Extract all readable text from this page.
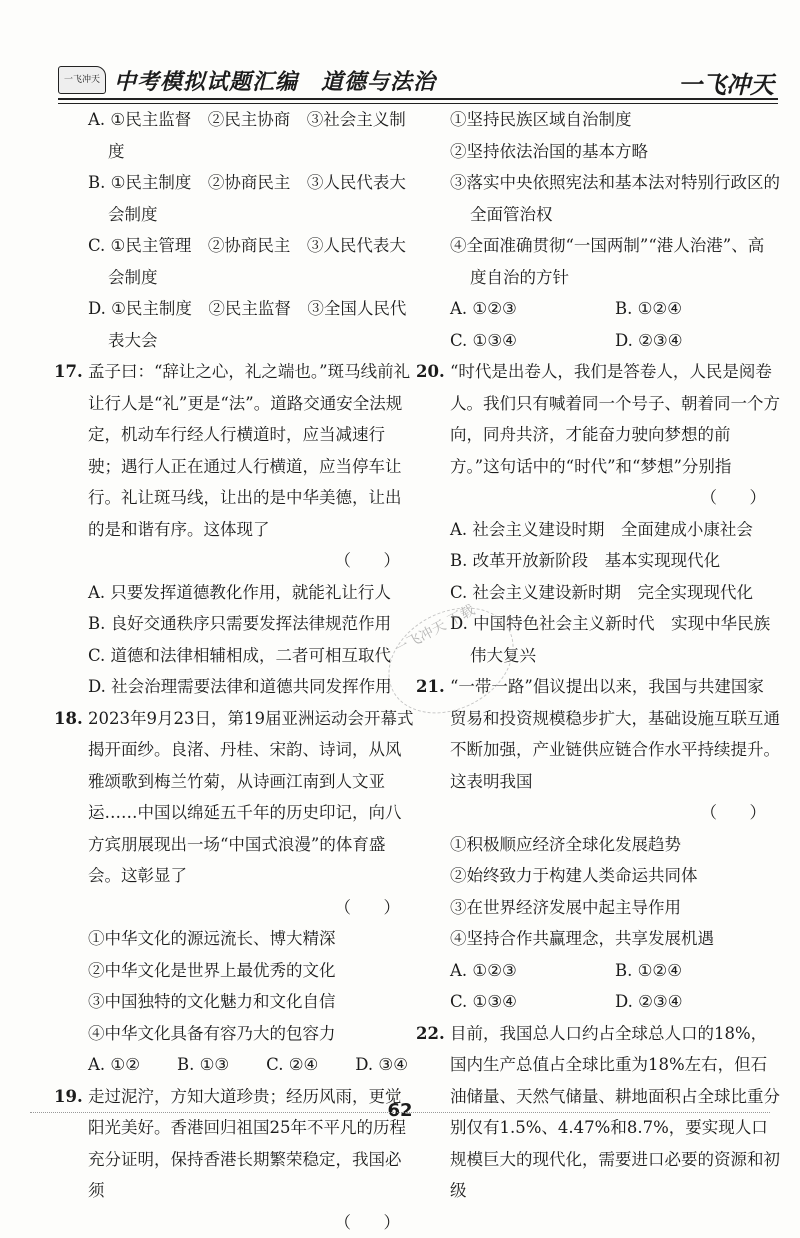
一飞冲天 中考模拟试题汇编　道德与法治	一飞冲天
A. ①民主监督　②民主协商　③社会主义制度
B. ①民主制度　②协商民主　③人民代表大会制度
C. ①民主管理　②协商民主　③人民代表大会制度
D. ①民主制度　②民主监督　③全国人民代表大会
17. 孟子曰：“辞让之心，礼之端也。”斑马线前礼让行人是“礼”更是“法”。道路交通安全法规定，机动车行经人行横道时，应当减速行驶；遇行人正在通过人行横道，应当停车让行。礼让斑马线，让出的是中华美德，让出的是和谐有序。这体现了
（　）
A. 只要发挥道德教化作用，就能礼让行人
B. 良好交通秩序只需要发挥法律规范作用
C. 道德和法律相辅相成，二者可相互取代
D. 社会治理需要法律和道德共同发挥作用
18. 2023年9月23日，第19届亚洲运动会开幕式揭开面纱。良渚、丹桂、宋韵、诗词，从风雅颂歌到梅兰竹菊，从诗画江南到人文亚运……中国以绵延五千年的历史印记，向八方宾朋展现出一场“中国式浪漫”的体育盛会。这彰显了
（　）
①中华文化的源远流长、博大精深
②中华文化是世界上最优秀的文化
③中国独特的文化魅力和文化自信
④中华文化具备有容乃大的包容力
A. ①② B. ①③ C. ②④ D. ③④
19. 走过泥泞，方知大道珍贵；经历风雨，更觉阳光美好。香港回归祖国25年不平凡的历程充分证明，保持香港长期繁荣稳定，我国必须
（　）
①坚持民族区域自治制度
②坚持依法治国的基本方略
③落实中央依照宪法和基本法对特别行政区的全面管治权
④全面准确贯彻“一国两制”“港人治港”、高度自治的方针
A. ①②③	B. ①②④
C. ①③④	D. ②③④
20. “时代是出卷人，我们是答卷人，人民是阅卷人。我们只有喊着同一个号子、朝着同一个方向，同舟共济，才能奋力驶向梦想的前方。”这句话中的“时代”和“梦想”分别指
（　）
A. 社会主义建设时期　全面建成小康社会
B. 改革开放新阶段　基本实现现代化
C. 社会主义建设新时期　完全实现现代化
D. 中国特色社会主义新时代　实现中华民族伟大复兴
21. “一带一路”倡议提出以来，我国与共建国家贸易和投资规模稳步扩大，基础设施互联互通不断加强，产业链供应链合作水平持续提升。这表明我国
（　）
①积极顺应经济全球化发展趋势
②始终致力于构建人类命运共同体
③在世界经济发展中起主导作用
④坚持合作共赢理念，共享发展机遇
A. ①②③	B. ①②④
C. ①③④	D. ②③④
22. 目前，我国总人口约占全球总人口的18%，国内生产总值占全球比重为18%左右，但石油储量、天然气储量、耕地面积占全球比重分别仅有1.5%、4.47%和8.7%，要实现人口规模巨大的现代化，需要进口必要的资源和初级
一飞冲天 下载
62
